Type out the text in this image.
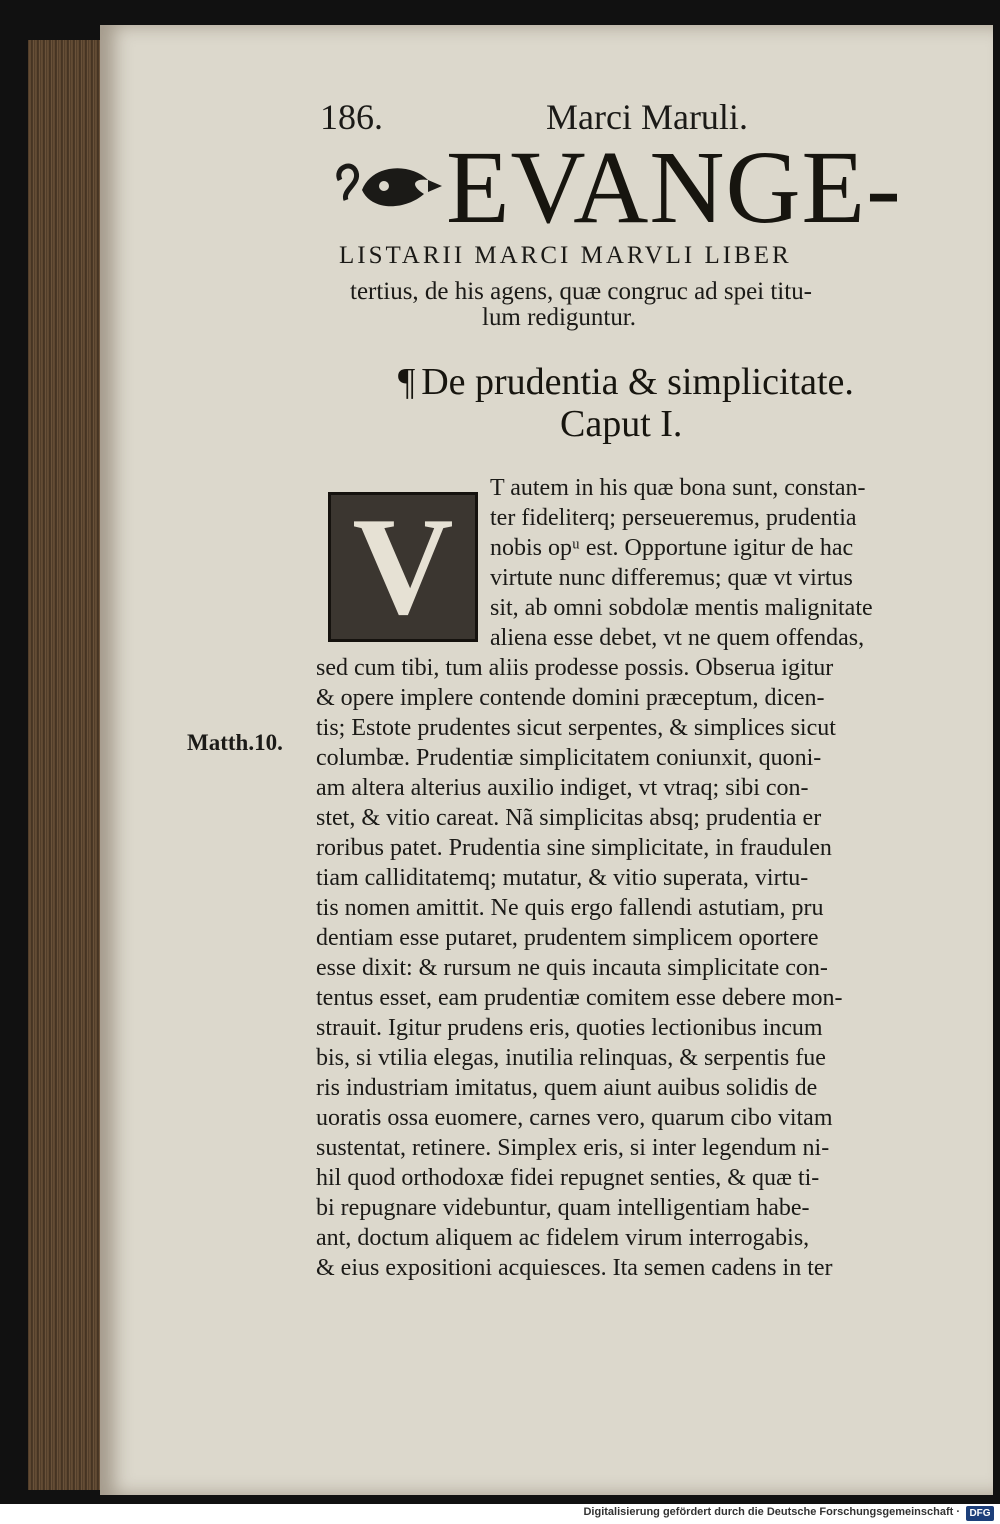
186.	Marci Maruli.
EVANGE-
LISTARII MARCI MARVLI LIBER
tertius, de his agens, quæ congruc ad spei titu-
lum rediguntur.
¶ De prudentia & simplicitate.
Caput I.
V
Matth.10.
T autem in his quæ bona sunt, constan-
ter fideliterq; perseueremus, prudentia
nobis opᵘ est. Opportune igitur de hac
virtute nunc differemus; quæ vt virtus
sit, ab omni sobdolæ mentis malignitate
aliena esse debet, vt ne quem offendas,
sed cum tibi, tum aliis prodesse possis. Obserua igitur
& opere implere contende domini præceptum, dicen-
tis; Estote prudentes sicut serpentes, & simplices sicut
columbæ. Prudentiæ simplicitatem coniunxit, quoni-
am altera alterius auxilio indiget, vt vtraq; sibi con-
stet, & vitio careat. Nã simplicitas absq; prudentia er
roribus patet. Prudentia sine simplicitate, in fraudulen
tiam calliditatemq; mutatur, & vitio superata, virtu-
tis nomen amittit. Ne quis ergo fallendi astutiam, pru
dentiam esse putaret, prudentem simplicem oportere
esse dixit: & rursum ne quis incauta simplicitate con-
tentus esset, eam prudentiæ comitem esse debere mon-
strauit. Igitur prudens eris, quoties lectionibus incum
bis, si vtilia elegas, inutilia relinquas, & serpentis fue
ris industriam imitatus, quem aiunt auibus solidis de
uoratis ossa euomere, carnes vero, quarum cibo vitam
sustentat, retinere. Simplex eris, si inter legendum ni-
hil quod orthodoxæ fidei repugnet senties, & quæ ti-
bi repugnare videbuntur, quam intelligentiam habe-
ant, doctum aliquem ac fidelem virum interrogabis,
& eius expositioni acquiesces. Ita semen cadens in ter
Digitalisierung gefördert durch die Deutsche Forschungsgemeinschaft · DFG
